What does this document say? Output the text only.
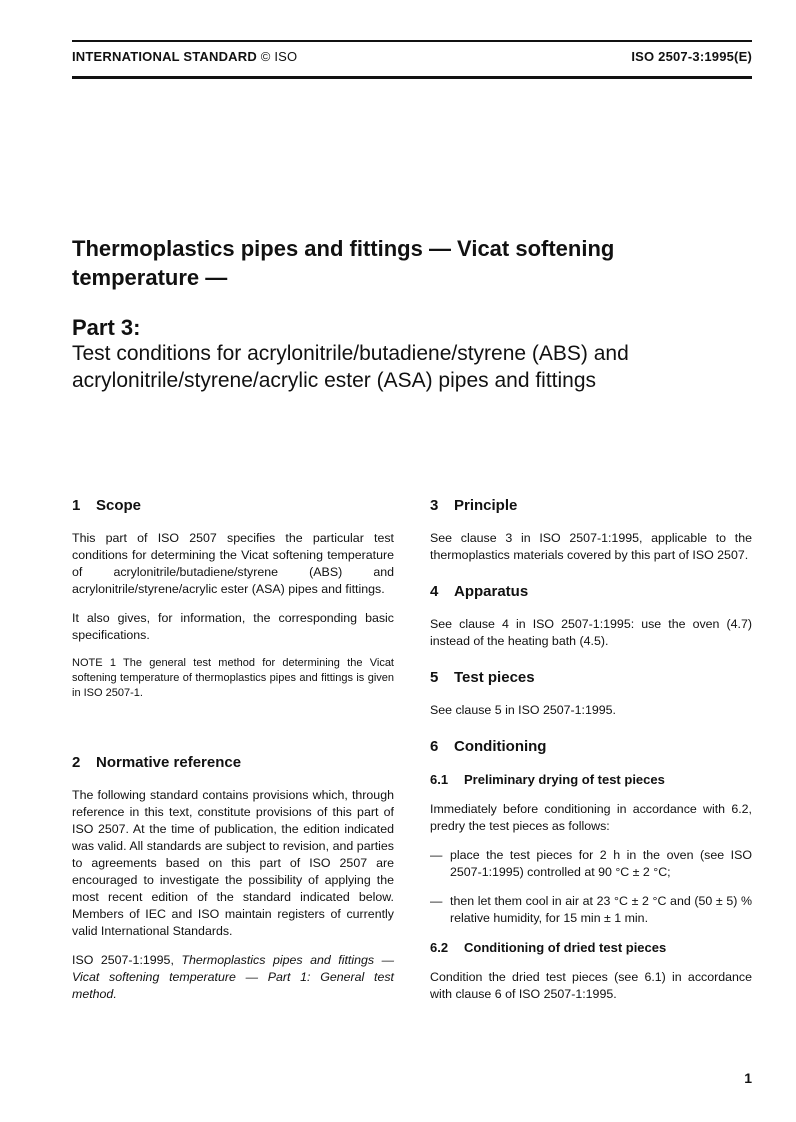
INTERNATIONAL STANDARD © ISO	ISO 2507-3:1995(E)
Thermoplastics pipes and fittings — Vicat softening temperature —
Part 3:
Test conditions for acrylonitrile/butadiene/styrene (ABS) and acrylonitrile/styrene/acrylic ester (ASA) pipes and fittings
1 Scope

This part of ISO 2507 specifies the particular test conditions for determining the Vicat softening temperature of acrylonitrile/butadiene/styrene (ABS) and acrylonitrile/styrene/acrylic ester (ASA) pipes and fittings.

It also gives, for information, the corresponding basic specifications.

NOTE 1 The general test method for determining the Vicat softening temperature of thermoplastics pipes and fittings is given in ISO 2507-1.
2 Normative reference

The following standard contains provisions which, through reference in this text, constitute provisions of this part of ISO 2507. At the time of publication, the edition indicated was valid. All standards are subject to revision, and parties to agreements based on this part of ISO 2507 are encouraged to investigate the possibility of applying the most recent edition of the standard indicated below. Members of IEC and ISO maintain registers of currently valid International Standards.

ISO 2507-1:1995, Thermoplastics pipes and fittings — Vicat softening temperature — Part 1: General test method.

3 Principle

See clause 3 in ISO 2507-1:1995, applicable to the thermoplastics materials covered by this part of ISO 2507.

4 Apparatus

See clause 4 in ISO 2507-1:1995: use the oven (4.7) instead of the heating bath (4.5).

5 Test pieces

See clause 5 in ISO 2507-1:1995.

6 Conditioning
6.1 Preliminary drying of test pieces

Immediately before conditioning in accordance with 6.2, predry the test pieces as follows:

— place the test pieces for 2 h in the oven (see ISO 2507-1:1995) controlled at 90 °C ± 2 °C;
— then let them cool in air at 23 °C ± 2 °C and (50 ± 5) % relative humidity, for 15 min ± 1 min.
6.2 Conditioning of dried test pieces

Condition the dried test pieces (see 6.1) in accordance with clause 6 of ISO 2507-1:1995.

1
